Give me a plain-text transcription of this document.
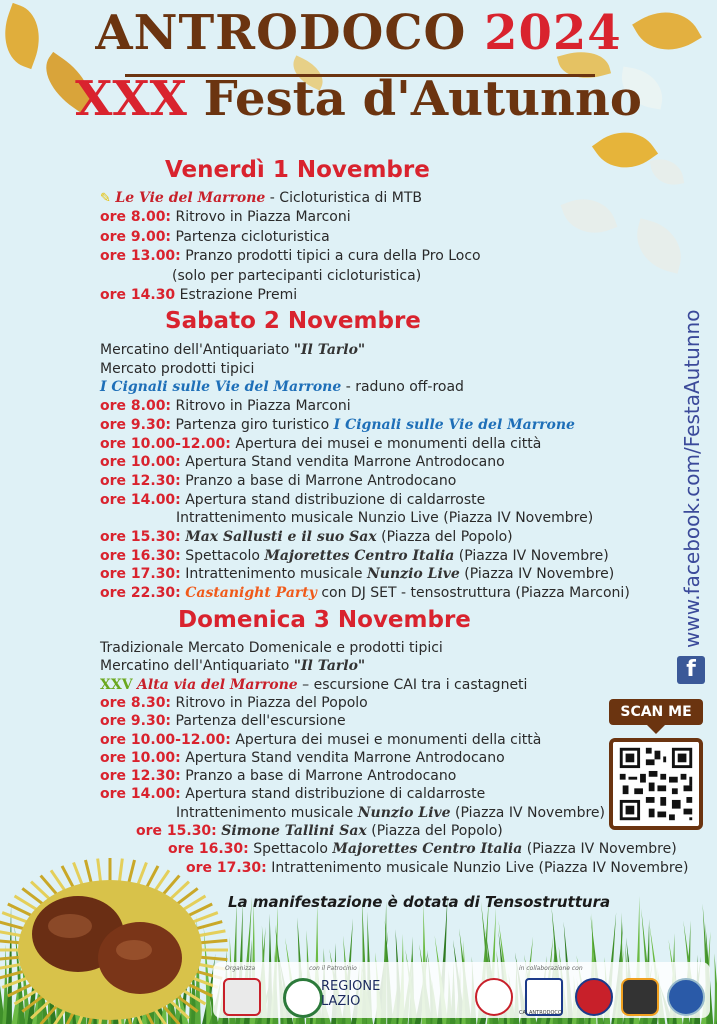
ANTRODOCO 2024
XXX Festa d'Autunno
Venerdì 1 Novembre
✎ Le Vie del Marrone - Cicloturistica di MTB
ore 8.00: Ritrovo in Piazza Marconi
ore 9.00: Partenza cicloturistica
ore 13.00: Pranzo prodotti tipici a cura della Pro Loco
(solo per partecipanti cicloturistica)
ore 14.30 Estrazione Premi
Sabato 2 Novembre
Mercatino dell'Antiquariato "Il Tarlo"
Mercato prodotti tipici
I Cignali sulle Vie del Marrone - raduno off-road
ore 8.00: Ritrovo in Piazza Marconi
ore 9.30: Partenza giro turistico I Cignali sulle Vie del Marrone
ore 10.00-12.00: Apertura dei musei e monumenti della città
ore 10.00: Apertura Stand vendita Marrone Antrodocano
ore 12.30: Pranzo a base di Marrone Antrodocano
ore 14.00: Apertura stand distribuzione di caldarroste
Intrattenimento musicale Nunzio Live (Piazza IV Novembre)
ore 15.30: Max Sallusti e il suo Sax (Piazza del Popolo)
ore 16.30: Spettacolo Majorettes Centro Italia (Piazza IV Novembre)
ore 17.30: Intrattenimento musicale Nunzio Live (Piazza IV Novembre)
ore 22.30: Castanight Party con DJ SET - tensostruttura (Piazza Marconi)
Domenica 3 Novembre
Tradizionale Mercato Domenicale e prodotti tipici
Mercatino dell'Antiquariato "Il Tarlo"
XXV Alta via del Marrone – escursione CAI tra i castagneti
ore 8.30: Ritrovo in Piazza del Popolo
ore 9.30: Partenza dell'escursione
ore 10.00-12.00: Apertura dei musei e monumenti della città
ore 10.00: Apertura Stand vendita Marrone Antrodocano
ore 12.30: Pranzo a base di Marrone Antrodocano
ore 14.00: Apertura stand distribuzione di caldarroste
Intrattenimento musicale Nunzio Live (Piazza IV Novembre)
ore 15.30: Simone Tallini Sax (Piazza del Popolo)
ore 16.30: Spettacolo Majorettes Centro Italia (Piazza IV Novembre)
ore 17.30: Intrattenimento musicale Nunzio Live (Piazza IV Novembre)
www.facebook.com/FestaAutunno
f
SCAN ME
La manifestazione è dotata di Tensostruttura
Organizza	con il Patrocinio	in collaborazione con
REGIONE
LAZIO
CAI ANTRODOCO
